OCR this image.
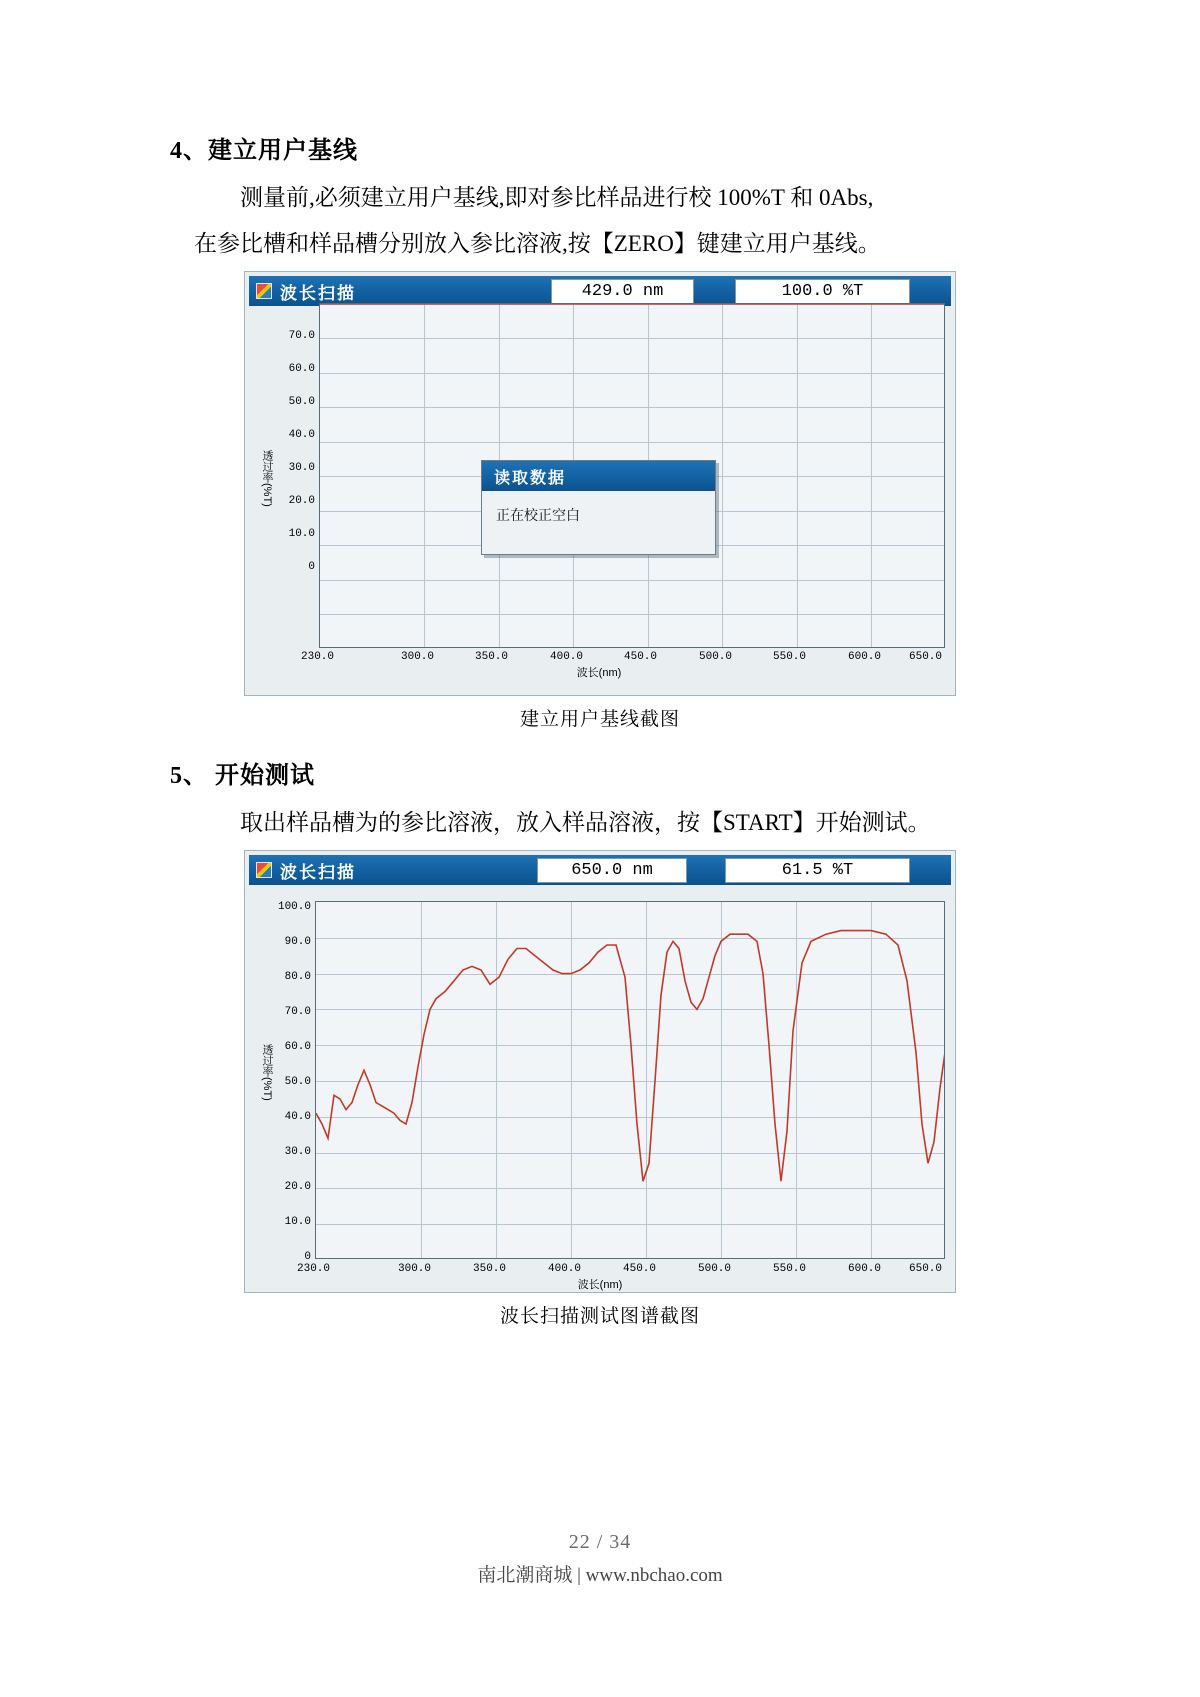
4、建立用户基线

测量前,必须建立用户基线,即对参比样品进行校 100%T 和 0Abs,

在参比槽和样品槽分别放入参比溶液,按【ZERO】键建立用户基线。

波长扫描	429.0 nm	100.0 %T
透过率(%T)
0
10.0
20.0
30.0
40.0
50.0
60.0
70.0
230.0	300.0	350.0	400.0	450.0	500.0	550.0	600.0	650.0
波长(nm)
读取数据
正在校正空白
建立用户基线截图
5、 开始测试

取出样品槽为的参比溶液，放入样品溶液，按【START】开始测试。

波长扫描	650.0 nm	61.5 %T
透过率(%T)
0
10.0
20.0
30.0
40.0
50.0
60.0
70.0
80.0
90.0
100.0
230.0	300.0	350.0	400.0	450.0	500.0	550.0	600.0	650.0
波长(nm)
波长扫描测试图谱截图
22 / 34
南北潮商城 | www.nbchao.com
